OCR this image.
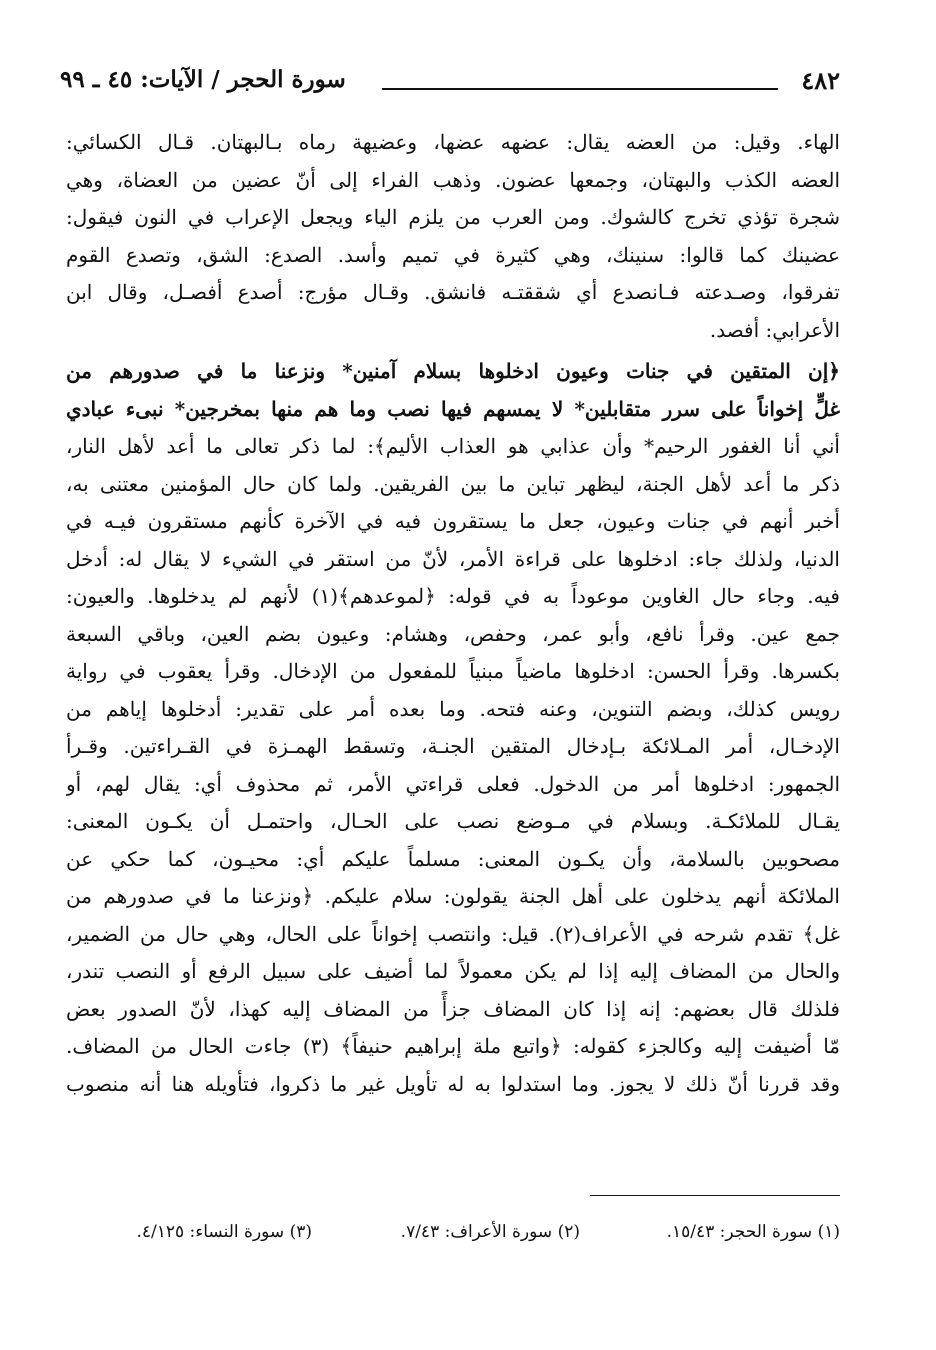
٤٨٢
سورة الحجر / الآيات: ٤٥ ـ ٩٩
الهاء. وقيل: من العضه يقال: عضهه عضها، وعضيهة رماه بـالبهتان. قـال الكسائي:
العضه الكذب والبهتان، وجمعها عضون. وذهب الفراء إلى أنّ عضين من العضاة، وهي
شجرة تؤذي تخرج كالشوك. ومن العرب من يلزم الياء ويجعل الإعراب في النون فيقول:
عضينك كما قالوا: سنينك، وهي كثيرة في تميم وأسد. الصدع: الشق، وتصدع القوم
تفرقوا، وصـدعته فـانصدع أي شققتـه فانشق. وقـال مؤرج: أصدع أفصـل، وقال ابن
الأعرابي: أفصد.
﴿إن المتقين في جنات وعيون ادخلوها بسلام آمنين* ونزعنا ما في صدورهم من
غلٍّ إخواناً على سرر متقابلين* لا يمسهم فيها نصب وما هم منها بمخرجين* نبىء عبادي
أني أنا الغفور الرحيم* وأن عذابي هو العذاب الأليم﴾: لما ذكر تعالى ما أعد لأهل النار،
ذكر ما أعد لأهل الجنة، ليظهر تباين ما بين الفريقين. ولما كان حال المؤمنين معتنى به،
أخبر أنهم في جنات وعيون، جعل ما يستقرون فيه في الآخرة كأنهم مستقرون فيـه في
الدنيا، ولذلك جاء: ادخلوها على قراءة الأمر، لأنّ من استقر في الشيء لا يقال له: أدخل
فيه. وجاء حال الغاوين موعوداً به في قوله: ﴿لموعدهم﴾(١) لأنهم لم يدخلوها. والعيون:
جمع عين. وقرأ نافع، وأبو عمر، وحفص، وهشام: وعيون بضم العين، وباقي السبعة
بكسرها. وقرأ الحسن: ادخلوها ماضياً مبنياً للمفعول من الإدخال. وقرأ يعقوب في رواية
رويس كذلك، وبضم التنوين، وعنه فتحه. وما بعده أمر على تقدير: أدخلوها إياهم من
الإدخـال، أمر المـلائكة بـإدخال المتقين الجنـة، وتسقط الهمـزة في القـراءتين. وقـرأ
الجمهور: ادخلوها أمر من الدخول. فعلى قراءتي الأمر، ثم محذوف أي: يقال لهم، أو
يقـال للملائكـة. وبسلام في مـوضع نصب على الحـال، واحتمـل أن يكـون المعنى:
مصحوبين بالسلامة، وأن يكـون المعنى: مسلماً عليكم أي: محيـون، كما حكي عن
الملائكة أنهم يدخلون على أهل الجنة يقولون: سلام عليكم. ﴿ونزعنا ما في صدورهم من
غل﴾ تقدم شرحه في الأعراف(٢). قيل: وانتصب إخواناً على الحال، وهي حال من الضمير،
والحال من المضاف إليه إذا لم يكن معمولاً لما أضيف على سبيل الرفع أو النصب تندر،
فلذلك قال بعضهم: إنه إذا كان المضاف جزأً من المضاف إليه كهذا، لأنّ الصدور بعض
مّا أضيفت إليه وكالجزء كقوله: ﴿واتبع ملة إبراهيم حنيفاً﴾ (٣) جاءت الحال من المضاف.
وقد قررنا أنّ ذلك لا يجوز. وما استدلوا به له تأويل غير ما ذكروا، فتأويله هنا أنه منصوب
(١) سورة الحجر: ١٥/٤٣.
(٢) سورة الأعراف: ٧/٤٣.
(٣) سورة النساء: ٤/١٢٥.
